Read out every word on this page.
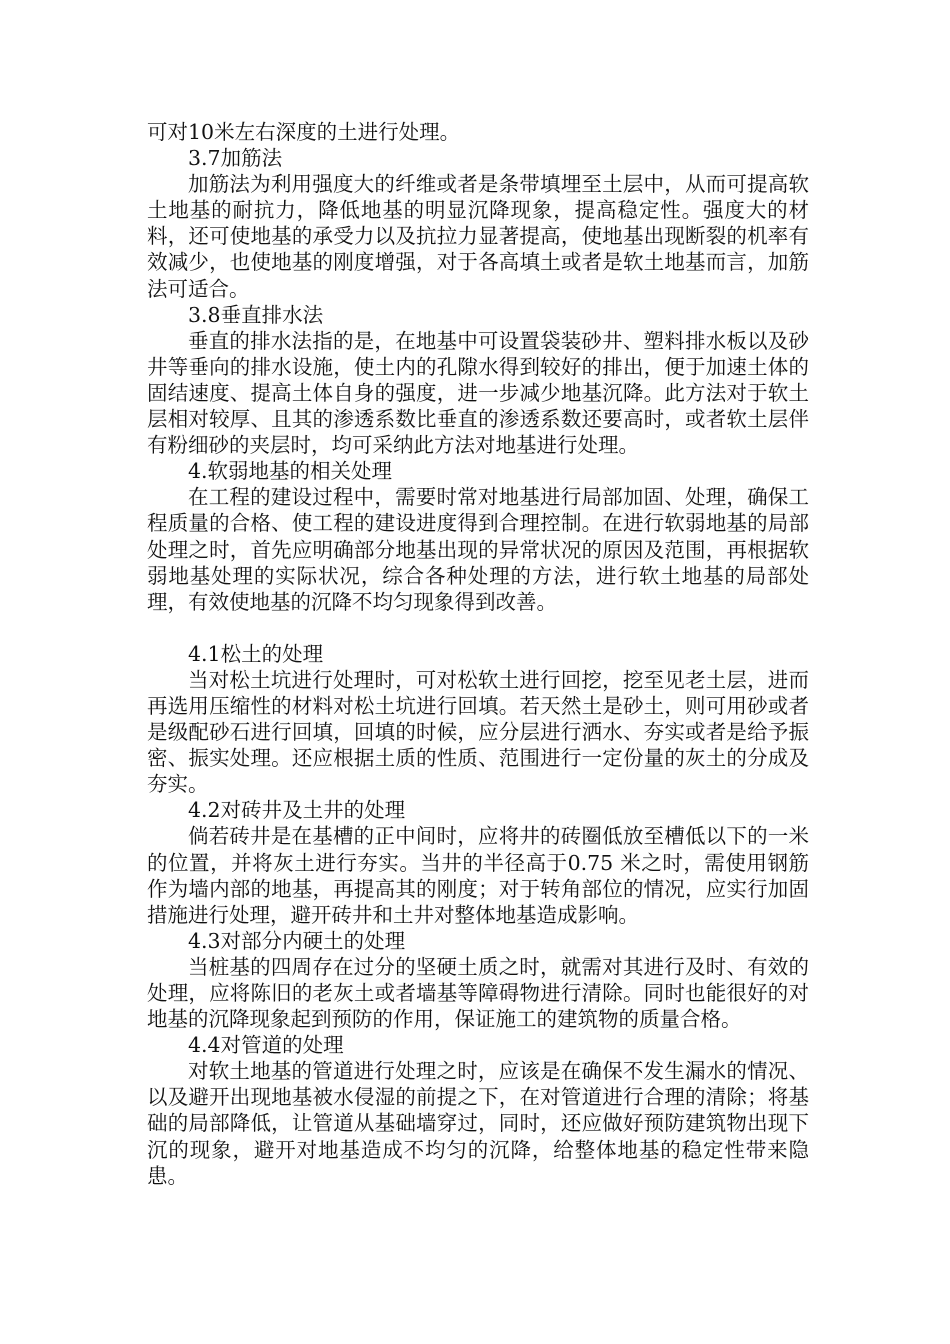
可对10米左右深度的土进行处理。

3.7加筋法

加筋法为利用强度大的纤维或者是条带填埋至土层中，从而可提高软土地基的耐抗力，降低地基的明显沉降现象，提高稳定性。强度大的材料，还可使地基的承受力以及抗拉力显著提高，使地基出现断裂的机率有效减少，也使地基的刚度增强，对于各高填土或者是软土地基而言，加筋法可适合。

3.8垂直排水法

垂直的排水法指的是，在地基中可设置袋装砂井、塑料排水板以及砂井等垂向的排水设施，使土内的孔隙水得到较好的排出，便于加速土体的固结速度、提高土体自身的强度，进一步减少地基沉降。此方法对于软土层相对较厚、且其的渗透系数比垂直的渗透系数还要高时，或者软土层伴有粉细砂的夹层时，均可采纳此方法对地基进行处理。

4.软弱地基的相关处理

在工程的建设过程中，需要时常对地基进行局部加固、处理，确保工程质量的合格、使工程的建设进度得到合理控制。在进行软弱地基的局部处理之时，首先应明确部分地基出现的异常状况的原因及范围，再根据软弱地基处理的实际状况，综合各种处理的方法，进行软土地基的局部处理，有效使地基的沉降不均匀现象得到改善。

4.1松土的处理

当对松土坑进行处理时，可对松软土进行回挖，挖至见老土层，进而再选用压缩性的材料对松土坑进行回填。若天然土是砂土，则可用砂或者是级配砂石进行回填，回填的时候，应分层进行洒水、夯实或者是给予振密、振实处理。还应根据土质的性质、范围进行一定份量的灰土的分成及夯实。

4.2对砖井及土井的处理

倘若砖井是在基槽的正中间时，应将井的砖圈低放至槽低以下的一米的位置，并将灰土进行夯实。当井的半径高于0.75 米之时，需使用钢筋作为墙内部的地基，再提高其的刚度；对于转角部位的情况，应实行加固措施进行处理，避开砖井和土井对整体地基造成影响。

4.3对部分内硬土的处理

当桩基的四周存在过分的坚硬土质之时，就需对其进行及时、有效的处理，应将陈旧的老灰土或者墙基等障碍物进行清除。同时也能很好的对地基的沉降现象起到预防的作用，保证施工的建筑物的质量合格。

4.4对管道的处理

对软土地基的管道进行处理之时，应该是在确保不发生漏水的情况、以及避开出现地基被水侵湿的前提之下，在对管道进行合理的清除；将基础的局部降低，让管道从基础墙穿过，同时，还应做好预防建筑物出现下沉的现象，避开对地基造成不均匀的沉降，给整体地基的稳定性带来隐患。
